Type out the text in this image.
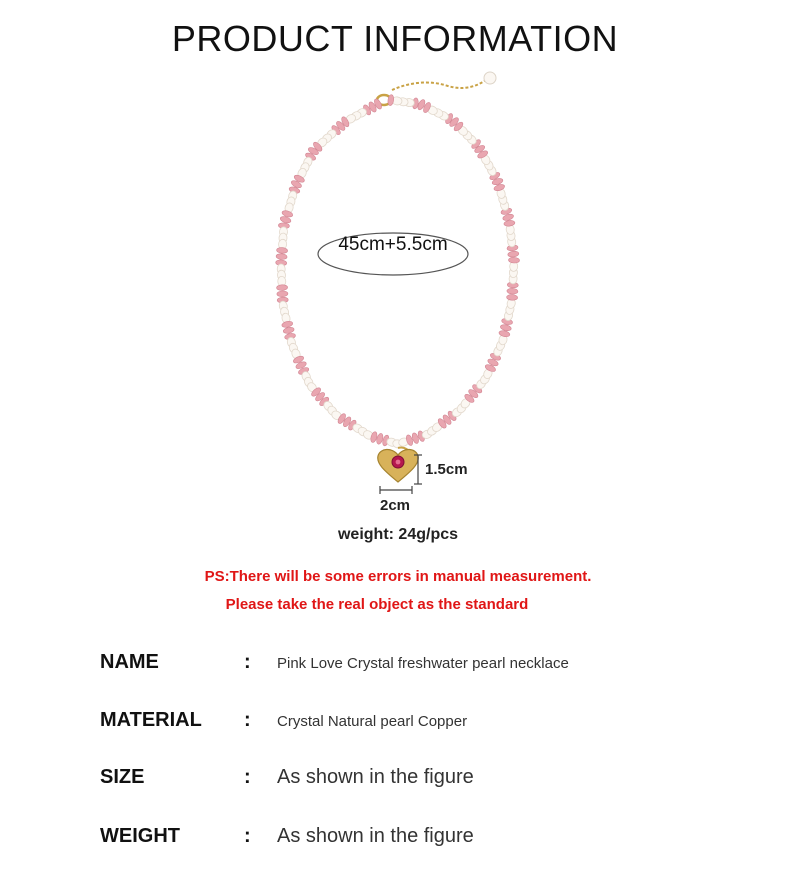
PRODUCT INFORMATION
45cm+5.5cm
1.5cm
2cm
weight: 24g/pcs
PS:There will be some errors in manual measurement.
Please take the real object as the standard
NAME	: Pink Love Crystal freshwater pearl necklace
MATERIAL : Crystal Natural pearl Copper
SIZE	: As shown in the figure
WEIGHT	: As shown in the figure
